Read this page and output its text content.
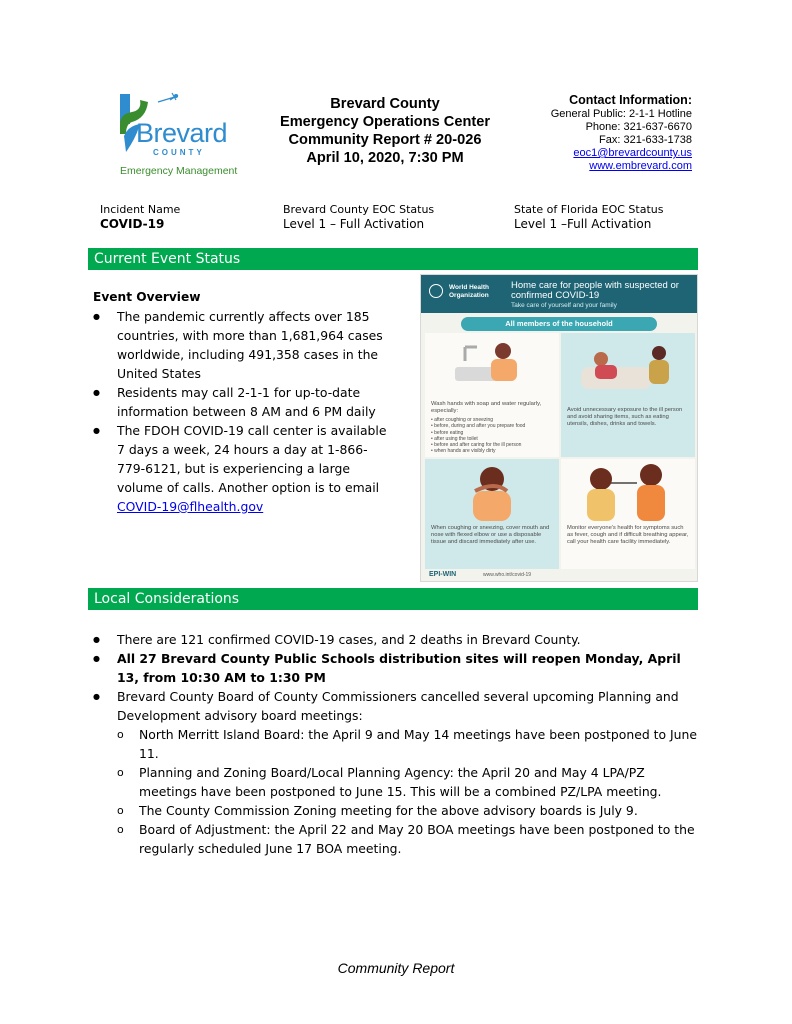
Brevard
COUNTY
Emergency Management
Brevard County
Emergency Operations Center
Community Report # 20-026
April 10, 2020, 7:30 PM
Contact Information:
General Public: 2-1-1 Hotline
Phone: 321-637-6670
Fax: 321-633-1738
eoc1@brevardcounty.us
www.embrevard.com
Incident Name
COVID-19
Brevard County EOC Status
Level 1 – Full Activation
State of Florida EOC Status
Level 1 –Full Activation
Current Event Status
Event Overview
● The pandemic currently affects over 185 countries, with more than 1,681,964 cases worldwide, including 491,358 cases in the United States
● Residents may call 2-1-1 for up-to-date information between 8 AM and 6 PM daily
● The FDOH COVID-19 call center is available 7 days a week, 24 hours a day at 1-866-779-6121, but is experiencing a large volume of calls. Another option is to email COVID-19@flhealth.gov
World Health Organization
Home care for people with suspected or confirmed COVID-19
Take care of yourself and your family
All members of the household
Wash hands with soap and water regularly, especially:
• after coughing or sneezing
• before, during and after you prepare food
• before eating
• after using the toilet
• before and after caring for the ill person
• when hands are visibly dirty
Avoid unnecessary exposure to the ill person and avoid sharing items, such as eating utensils, dishes, drinks and towels.
When coughing or sneezing, cover mouth and nose with flexed elbow or use a disposable tissue and discard immediately after use.
Monitor everyone's health for symptoms such as fever, cough and if difficult breathing appear, call your health care facility immediately.
EPI-WIN	www.who.int/covid-19
Local Considerations
● There are 121 confirmed COVID-19 cases, and 2 deaths in Brevard County.
● All 27 Brevard County Public Schools distribution sites will reopen Monday, April 13, from 10:30 AM to 1:30 PM
● Brevard County Board of County Commissioners cancelled several upcoming Planning and Development advisory board meetings:
o North Merritt Island Board: the April 9 and May 14 meetings have been postponed to June 11.
o Planning and Zoning Board/Local Planning Agency: the April 20 and May 4 LPA/PZ meetings have been postponed to June 15. This will be a combined PZ/LPA meeting.
o The County Commission Zoning meeting for the above advisory boards is July 9.
o Board of Adjustment: the April 22 and May 20 BOA meetings have been postponed to the regularly scheduled June 17 BOA meeting.
Community Report
